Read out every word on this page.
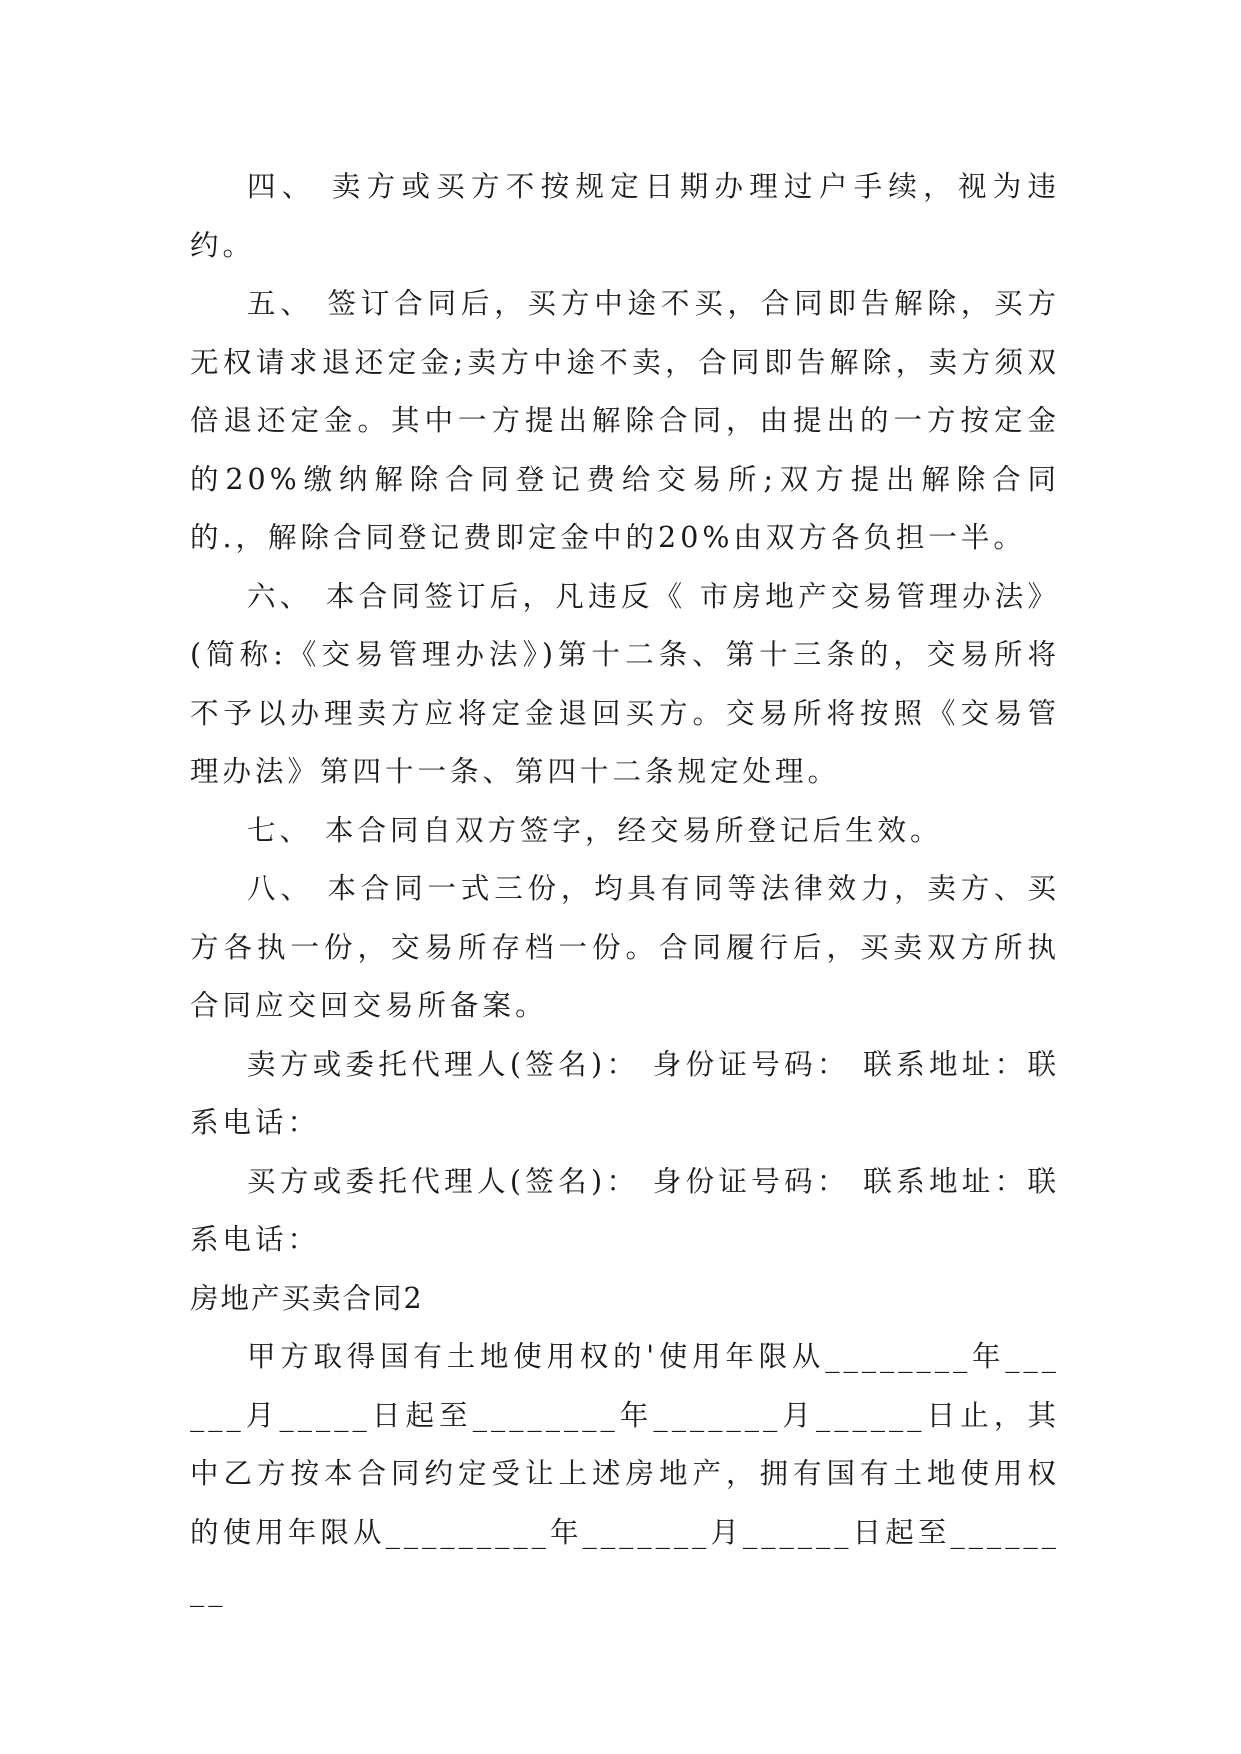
四、 卖方或买方不按规定日期办理过户手续，视为违约。

五、 签订合同后，买方中途不买，合同即告解除，买方无权请求退还定金;卖方中途不卖，合同即告解除，卖方须双倍退还定金。其中一方提出解除合同，由提出的一方按定金的20%缴纳解除合同登记费给交易所;双方提出解除合同的.，解除合同登记费即定金中的20%由双方各负担一半。

六、 本合同签订后，凡违反《 市房地产交易管理办法》(简称:《交易管理办法》)第十二条、第十三条的，交易所将不予以办理卖方应将定金退回买方。交易所将按照《交易管理办法》第四十一条、第四十二条规定处理。

七、 本合同自双方签字，经交易所登记后生效。

八、 本合同一式三份，均具有同等法律效力，卖方、买方各执一份，交易所存档一份。合同履行后，买卖双方所执合同应交回交易所备案。

卖方或委托代理人(签名)： 身份证号码： 联系地址：联系电话：

买方或委托代理人(签名)： 身份证号码： 联系地址：联系电话：

房地产买卖合同2

甲方取得国有土地使用权的'使用年限从________年______月_____日起至________年_______月______日止，其中乙方按本合同约定受让上述房地产，拥有国有土地使用权的使用年限从_________年_______月______日起至________
